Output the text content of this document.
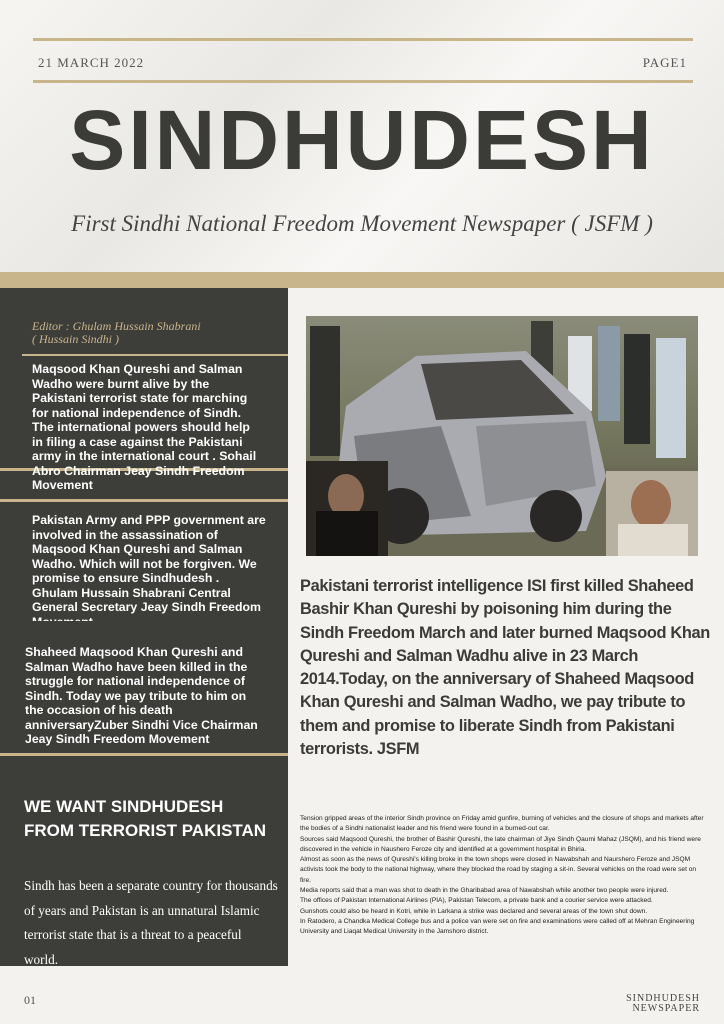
21 MARCH 2022	PAGE1
SINDHUDESH
First Sindhi National Freedom Movement Newspaper ( JSFM )
Editor : Ghulam Hussain Shabrani
( Hussain Sindhi )
Maqsood Khan Qureshi and Salman Wadho were burnt alive by the Pakistani terrorist state for marching for national independence of Sindh. The international powers should help in filing a case against the Pakistani army in the international court . Sohail Abro Chairman Jeay Sindh Freedom Movement
Pakistan Army and PPP government are involved in the assassination of Maqsood Khan Qureshi and Salman Wadho. Which will not be forgiven. We promise to ensure Sindhudesh . Ghulam Hussain Shabrani Central General Secretary Jeay Sindh Freedom
Shaheed Maqsood Khan Qureshi and Salman Wadho have been killed in the struggle for national independence of Sindh. Today we pay tribute to him on the occasion of his death anniversaryZuber Sindhi Vice Chairman Jeay Sindh Freedom Movement
WE WANT SINDHUDESH FROM TERRORIST PAKISTAN
Sindh has been a separate country for thousands of years and Pakistan is an unnatural Islamic terrorist state that is a threat to a peaceful world.
Pakistani terrorist intelligence ISI first killed Shaheed Bashir Khan Qureshi by poisoning him during the Sindh Freedom March and later burned Maqsood Khan Qureshi and Salman Wadhu alive in 23 March 2014.Today, on the anniversary of Shaheed Maqsood Khan Qureshi and Salman Wadho, we pay tribute to them and promise to liberate Sindh from Pakistani terrorists. JSFM

Tension gripped areas of the interior Sindh province on Friday amid gunfire, burning of vehicles and the closure of shops and markets after the bodies of a Sindhi nationalist leader and his friend were found in a burned-out car.

Sources said Maqsood Qureshi, the brother of Bashir Qureshi, the late chairman of Jiye Sindh Qaumi Mahaz (JSQM), and his friend were discovered in the vehicle in Naushero Feroze city and identified at a government hospital in Bhiria.

Almost as soon as the news of Qureshi's killing broke in the town shops were closed in Nawabshah and Naurshero Feroze and JSQM activists took the body to the national highway, where they blocked the road by staging a sit-in. Several vehicles on the road were set on fire.

Media reports said that a man was shot to death in the Gharibabad area of Nawabshah while another two people were injured.

The offices of Pakistan International Airlines (PIA), Pakistan Telecom, a private bank and a courier service were attacked.

Gunshots could also be heard in Kotri, while in Larkana a strike was declared and several areas of the town shut down.

In Ratodero, a Chandka Medical College bus and a police van were set on fire and examinations were called off at Mehran Engineering University and Liaqat Medical University in the Jamshoro district.

01	SINDHUDESH
NEWSPAPER
